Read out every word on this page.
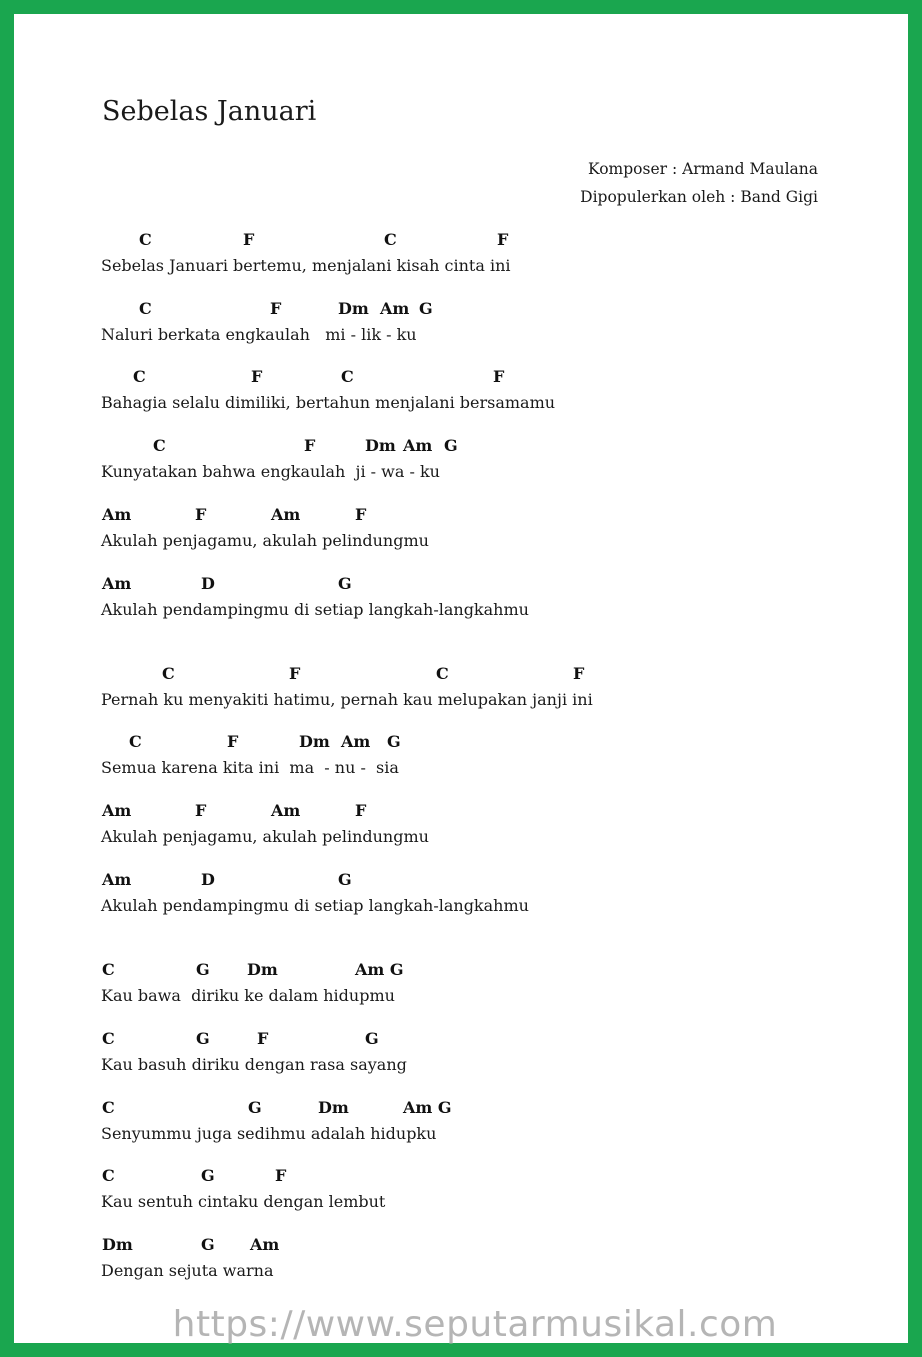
Sebelas Januari
Komposer : Armand Maulana
Dipopulerkan oleh : Band Gigi
C	F	C	F
Sebelas Januari bertemu, menjalani kisah cinta ini
C	F	Dm Am G
Naluri berkata engkaulah   mi - lik - ku
C	F	C	F
Bahagia selalu dimiliki, bertahun menjalani bersamamu
C	F	Dm Am G
Kunyatakan bahwa engkaulah  ji - wa - ku
Am	F	Am	F
Akulah penjagamu, akulah pelindungmu
Am	D	G
Akulah pendampingmu di setiap langkah-langkahmu
C	F	C	F
Pernah ku menyakiti hatimu, pernah kau melupakan janji ini
C	F	Dm Am G
Semua karena kita ini  ma  - nu -  sia
Am	F	Am	F
Akulah penjagamu, akulah pelindungmu
Am	D	G
Akulah pendampingmu di setiap langkah-langkahmu
C	G Dm	Am G
Kau bawa  diriku ke dalam hidupmu
C	G	F	G
Kau basuh diriku dengan rasa sayang
C	G	Dm	Am G
Senyummu juga sedihmu adalah hidupku
C	G	F
Kau sentuh cintaku dengan lembut
Dm	G Am
Dengan sejuta warna
https://www.seputarmusikal.com
